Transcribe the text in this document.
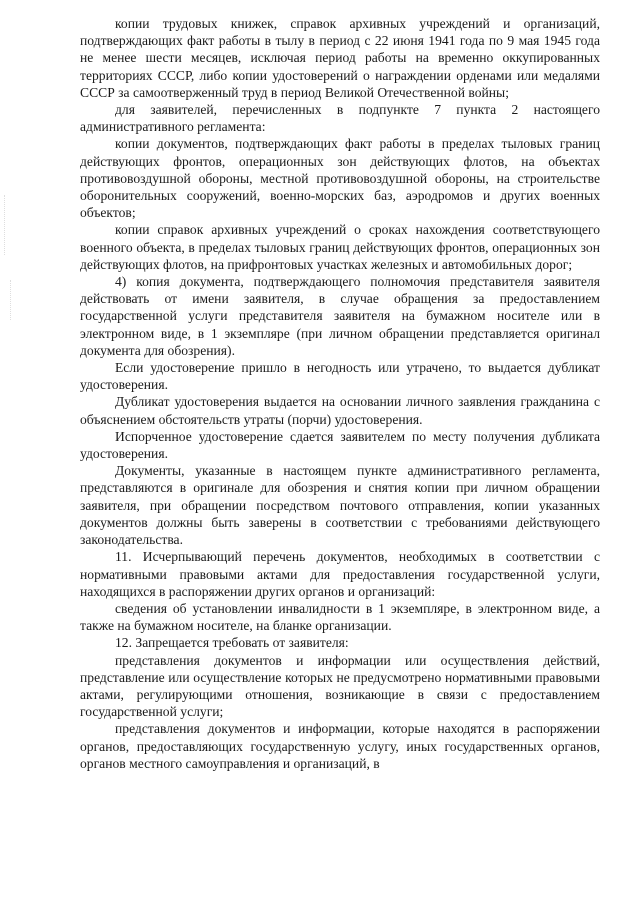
копии трудовых книжек, справок архивных учреждений и организаций, подтверждающих факт работы в тылу в период с 22 июня 1941 года по 9 мая 1945 года не менее шести месяцев, исключая период работы на временно оккупированных территориях СССР, либо копии удостоверений о награждении орденами или медалями СССР за самоотверженный труд в период Великой Отечественной войны;

для заявителей, перечисленных в подпункте 7 пункта 2 настоящего административного регламента:

копии документов, подтверждающих факт работы в пределах тыловых границ действующих фронтов, операционных зон действующих флотов, на объектах противовоздушной обороны, местной противовоздушной обороны, на строительстве оборонительных сооружений, военно-морских баз, аэродромов и других военных объектов;

копии справок архивных учреждений о сроках нахождения соответствующего военного объекта, в пределах тыловых границ действующих фронтов, операционных зон действующих флотов, на прифронтовых участках железных и автомобильных дорог;

4) копия документа, подтверждающего полномочия представителя заявителя действовать от имени заявителя, в случае обращения за предоставлением государственной услуги представителя заявителя на бумажном носителе или в электронном виде, в 1 экземпляре (при личном обращении представляется оригинал документа для обозрения).

Если удостоверение пришло в негодность или утрачено, то выдается дубликат удостоверения.

Дубликат удостоверения выдается на основании личного заявления гражданина с объяснением обстоятельств утраты (порчи) удостоверения.

Испорченное удостоверение сдается заявителем по месту получения дубликата удостоверения.

Документы, указанные в настоящем пункте административного регламента, представляются в оригинале для обозрения и снятия копии при личном обращении заявителя, при обращении посредством почтового отправления, копии указанных документов должны быть заверены в соответствии с требованиями действующего законодательства.

11. Исчерпывающий перечень документов, необходимых в соответствии с нормативными правовыми актами для предоставления государственной услуги, находящихся в распоряжении других органов и организаций:

сведения об установлении инвалидности в 1 экземпляре, в электронном виде, а также на бумажном носителе, на бланке организации.

12. Запрещается требовать от заявителя:

представления документов и информации или осуществления действий, представление или осуществление которых не предусмотрено нормативными правовыми актами, регулирующими отношения, возникающие в связи с предоставлением государственной услуги;

представления документов и информации, которые находятся в распоряжении органов, предоставляющих государственную услугу, иных государственных органов, органов местного самоуправления и организаций, в
